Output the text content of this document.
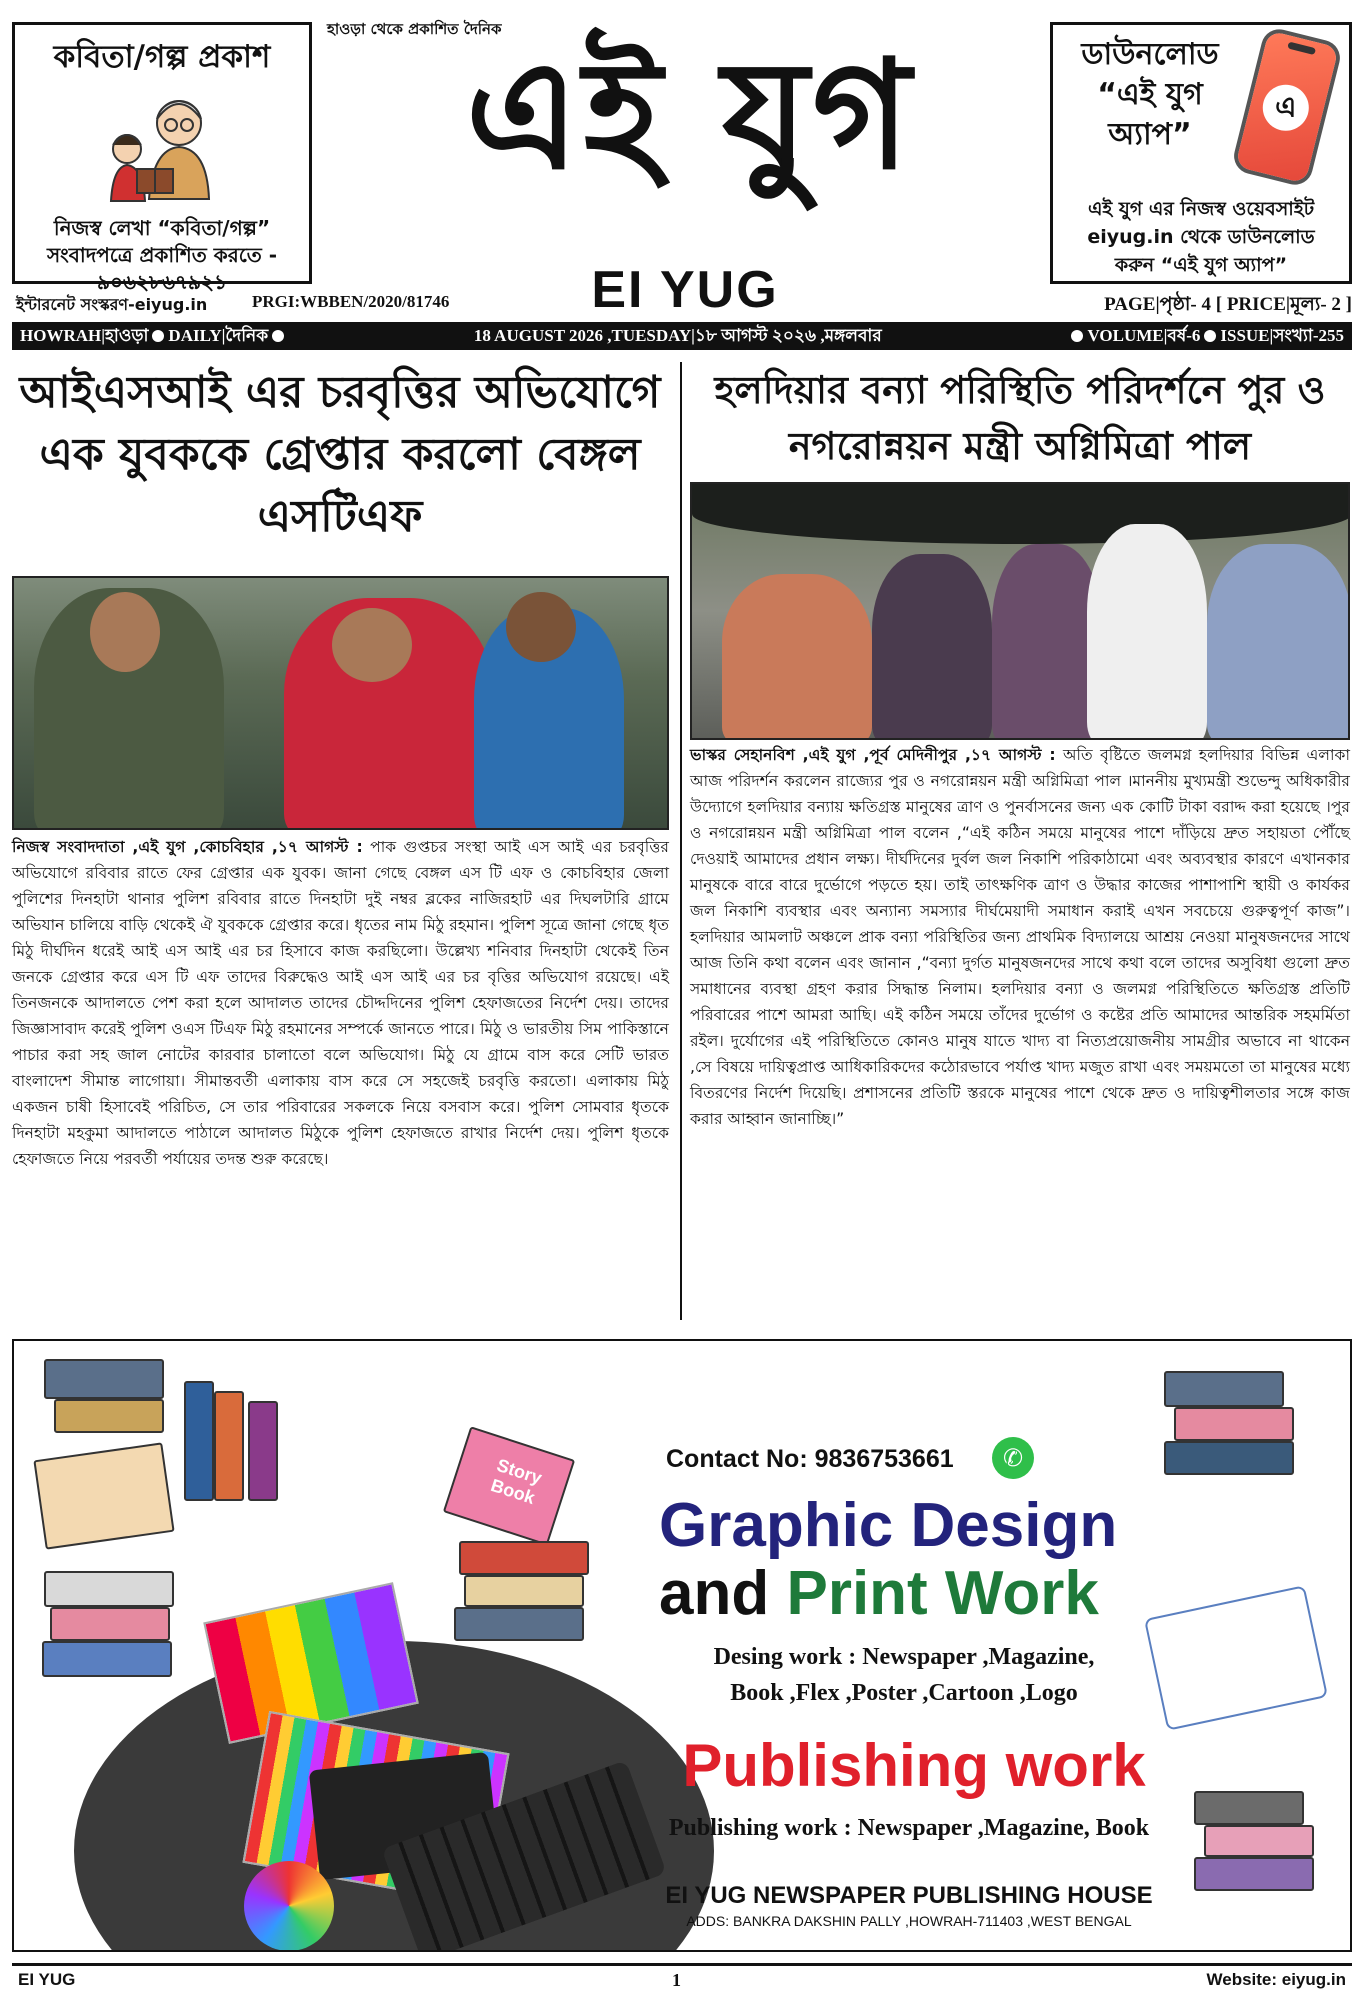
কবিতা/গল্প প্রকাশ
নিজস্ব লেখা “কবিতা/গল্প”
সংবাদপত্রে প্রকাশিত করতে -
৯০৬২৮৬৭৯২১
হাওড়া থেকে প্রকাশিত দৈনিক
এই যুগ
EI YUG
ডাউনলোড
“এই যুগ
অ্যাপ”
এ
এই যুগ এর নিজস্ব ওয়েবসাইট
eiyug.in থেকে ডাউনলোড
করুন “এই যুগ অ্যাপ”
ইন্টারনেট সংস্করণ-eiyug.in	PRGI:WBBEN/2020/81746	PAGE|পৃষ্ঠা- 4 [ PRICE|মূল্য- 2 ]
HOWRAH|হাওড়া DAILY|দৈনিক	18 AUGUST 2026 ,TUESDAY|১৮ আগস্ট ২০২৬ ,মঙ্গলবার	VOLUME|বর্ষ-6 ISSUE|সংখ্যা-255
আইএসআই এর চরবৃত্তির অভিযোগে এক যুবককে গ্রেপ্তার করলো বেঙ্গল এসটিএফ
নিজস্ব সংবাদদাতা ,এই যুগ ,কোচবিহার ,১৭ আগস্ট : পাক গুপ্তচর সংস্থা আই এস আই এর চরবৃত্তির অভিযোগে রবিবার রাতে ফের গ্রেপ্তার এক যুবক। জানা গেছে বেঙ্গল এস টি এফ ও কোচবিহার জেলা পুলিশের দিনহাটা থানার পুলিশ রবিবার রাতে দিনহাটা দুই নম্বর ব্লকের নাজিরহাট এর দিঘলটারি গ্রামে অভিযান চালিয়ে বাড়ি থেকেই ঐ যুবককে গ্রেপ্তার করে। ধৃতের নাম মিঠু রহমান। পুলিশ সূত্রে জানা গেছে ধৃত মিঠু দীর্ঘদিন ধরেই আই এস আই এর চর হিসাবে কাজ করছিলো। উল্লেখ্য শনিবার দিনহাটা থেকেই তিন জনকে গ্রেপ্তার করে এস টি এফ তাদের বিরুদ্ধেও আই এস আই এর চর বৃত্তির অভিযোগ রয়েছে। এই তিনজনকে আদালতে পেশ করা হলে আদালত তাদের চৌদ্দদিনের পুলিশ হেফাজতের নির্দেশ দেয়। তাদের জিজ্ঞাসাবাদ করেই পুলিশ ওএস টিএফ মিঠু রহমানের সম্পর্কে জানতে পারে। মিঠু ও ভারতীয় সিম পাকিস্তানে পাচার করা সহ জাল নোটের কারবার চালাতো বলে অভিযোগ। মিঠু যে গ্রামে বাস করে সেটি ভারত বাংলাদেশ সীমান্ত লাগোয়া। সীমান্তবর্তী এলাকায় বাস করে সে সহজেই চরবৃত্তি করতো। এলাকায় মিঠু একজন চাষী হিসাবেই পরিচিত, সে তার পরিবারের সকলকে নিয়ে বসবাস করে। পুলিশ সোমবার ধৃতকে দিনহাটা মহকুমা আদালতে পাঠালে আদালত মিঠুকে পুলিশ হেফাজতে রাখার নির্দেশ দেয়। পুলিশ ধৃতকে হেফাজতে নিয়ে পরবর্তী পর্যায়ের তদন্ত শুরু করেছে।
হলদিয়ার বন্যা পরিস্থিতি পরিদর্শনে পুর ও নগরোন্নয়ন মন্ত্রী অগ্নিমিত্রা পাল
ভাস্কর সেহানবিশ ,এই যুগ ,পূর্ব মেদিনীপুর ,১৭ আগস্ট : অতি বৃষ্টিতে জলমগ্ন হলদিয়ার বিভিন্ন এলাকা আজ পরিদর্শন করলেন রাজ্যের পুর ও নগরোন্নয়ন মন্ত্রী অগ্নিমিত্রা পাল ।মাননীয় মুখ্যমন্ত্রী শুভেন্দু অধিকারীর উদ্যোগে হলদিয়ার বন্যায় ক্ষতিগ্রস্ত মানুষের ত্রাণ ও পুনর্বাসনের জন্য এক কোটি টাকা বরাদ্দ করা হয়েছে ।পুর ও নগরোন্নয়ন মন্ত্রী অগ্নিমিত্রা পাল বলেন ,“এই কঠিন সময়ে মানুষের পাশে দাঁড়িয়ে দ্রুত সহায়তা পৌঁছে দেওয়াই আমাদের প্রধান লক্ষ্য। দীর্ঘদিনের দুর্বল জল নিকাশি পরিকাঠামো এবং অব্যবস্থার কারণে এখানকার মানুষকে বারে বারে দুর্ভোগে পড়তে হয়। তাই তাৎক্ষণিক ত্রাণ ও উদ্ধার কাজের পাশাপাশি স্থায়ী ও কার্যকর জল নিকাশি ব্যবস্থার এবং অন্যান্য সমস্যার দীর্ঘমেয়াদী সমাধান করাই এখন সবচেয়ে গুরুত্বপূর্ণ কাজ”। হলদিয়ার আমলাট অঞ্চলে প্রাক বন্যা পরিস্থিতির জন্য প্রাথমিক বিদ্যালয়ে আশ্রয় নেওয়া মানুষজনদের সাথে আজ তিনি কথা বলেন এবং জানান ,“বন্যা দুর্গত মানুষজনদের সাথে কথা বলে তাদের অসুবিধা গুলো দ্রুত সমাধানের ব্যবস্থা গ্রহণ করার সিদ্ধান্ত নিলাম। হলদিয়ার বন্যা ও জলমগ্ন পরিস্থিতিতে ক্ষতিগ্রস্ত প্রতিটি পরিবারের পাশে আমরা আছি। এই কঠিন সময়ে তাঁদের দুর্ভোগ ও কষ্টের প্রতি আমাদের আন্তরিক সহমর্মিতা রইল। দুর্যোগের এই পরিস্থিতিতে কোনও মানুষ যাতে খাদ্য বা নিত্যপ্রয়োজনীয় সামগ্রীর অভাবে না থাকেন ,সে বিষয়ে দায়িত্বপ্রাপ্ত আধিকারিকদের কঠোরভাবে পর্যাপ্ত খাদ্য মজুত রাখা এবং সময়মতো তা মানুষের মধ্যে বিতরণের নির্দেশ দিয়েছি। প্রশাসনের প্রতিটি স্তরকে মানুষের পাশে থেকে দ্রুত ও দায়িত্বশীলতার সঙ্গে কাজ করার আহ্বান জানাচ্ছি।”
Story Book
Contact No: 9836753661	✆
Graphic Design
and Print Work
Desing work : Newspaper ,Magazine,
Book ,Flex ,Poster ,Cartoon ,Logo
Publishing work
Publishing work : Newspaper ,Magazine, Book
EI YUG NEWSPAPER PUBLISHING HOUSE
ADDS: BANKRA DAKSHIN PALLY ,HOWRAH-711403 ,WEST BENGAL
EI YUG	1	Website: eiyug.in
